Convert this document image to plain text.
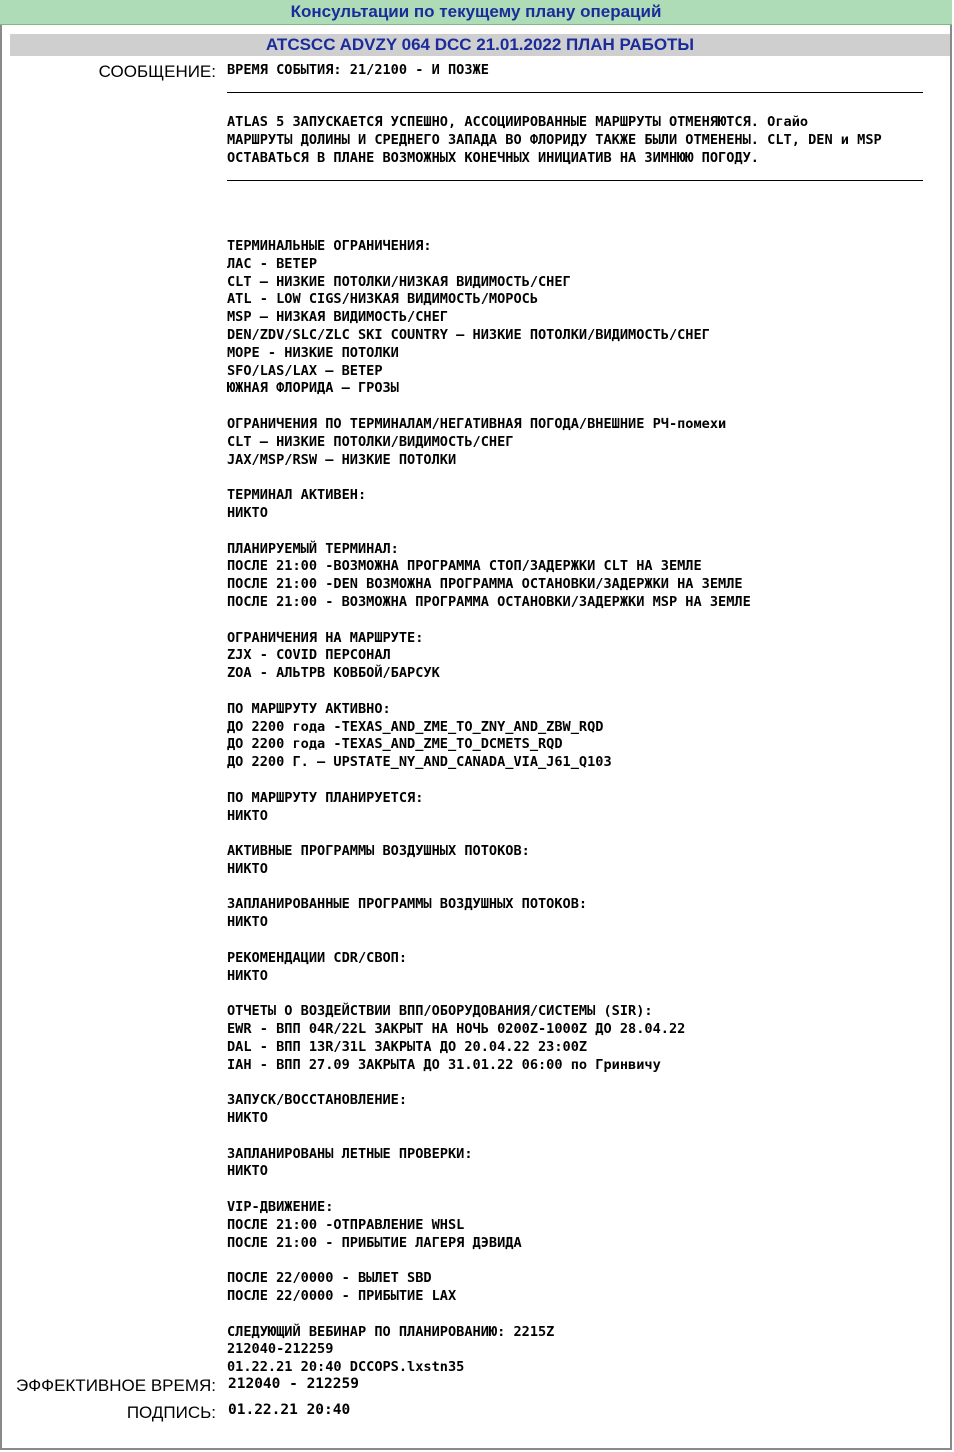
Консультации по текущему плану операций
ATCSCC ADVZY 064 DCC 21.01.2022 ПЛАН РАБОТЫ
СООБЩЕНИЕ: ВРЕМЯ СОБЫТИЯ: 21/2100 - И ПОЗЖЕ
ATLAS 5 ЗАПУСКАЕТСЯ УСПЕШНО, АССОЦИИРОВАННЫЕ МАРШРУТЫ ОТМЕНЯЮТСЯ. Огайо
МАРШРУТЫ ДОЛИНЫ И СРЕДНЕГО ЗАПАДА ВО ФЛОРИДУ ТАКЖЕ БЫЛИ ОТМЕНЕНЫ. CLT, DEN и MSP
ОСТАВАТЬСЯ В ПЛАНЕ ВОЗМОЖНЫХ КОНЕЧНЫХ ИНИЦИАТИВ НА ЗИМНЮЮ ПОГОДУ.
ТЕРМИНАЛЬНЫЕ ОГРАНИЧЕНИЯ:
ЛАС - ВЕТЕР
CLT – НИЗКИЕ ПОТОЛКИ/НИЗКАЯ ВИДИМОСТЬ/СНЕГ
ATL - LOW CIGS/НИЗКАЯ ВИДИМОСТЬ/МОРОСЬ
MSP — НИЗКАЯ ВИДИМОСТЬ/СНЕГ
DEN/ZDV/SLC/ZLC SKI COUNTRY – НИЗКИЕ ПОТОЛКИ/ВИДИМОСТЬ/СНЕГ
МОРЕ - НИЗКИЕ ПОТОЛКИ
SFO/LAS/LAX – ВЕТЕР
ЮЖНАЯ ФЛОРИДА – ГРОЗЫ
ОГРАНИЧЕНИЯ ПО ТЕРМИНАЛАМ/НЕГАТИВНАЯ ПОГОДА/ВНЕШНИЕ РЧ-помехи
CLT — НИЗКИЕ ПОТОЛКИ/ВИДИМОСТЬ/СНЕГ
JAX/MSP/RSW – НИЗКИЕ ПОТОЛКИ
ТЕРМИНАЛ АКТИВЕН:
НИКТО
ПЛАНИРУЕМЫЙ ТЕРМИНАЛ:
ПОСЛЕ 21:00 -ВОЗМОЖНА ПРОГРАММА СТОП/ЗАДЕРЖКИ CLT НА ЗЕМЛЕ
ПОСЛЕ 21:00 -DEN ВОЗМОЖНА ПРОГРАММА ОСТАНОВКИ/ЗАДЕРЖКИ НА ЗЕМЛЕ
ПОСЛЕ 21:00 - ВОЗМОЖНА ПРОГРАММА ОСТАНОВКИ/ЗАДЕРЖКИ MSP НА ЗЕМЛЕ
ОГРАНИЧЕНИЯ НА МАРШРУТЕ:
ZJX - COVID ПЕРСОНАЛ
ZOA - АЛЬТРВ КОВБОЙ/БАРСУК
ПО МАРШРУТУ АКТИВНО:
ДО 2200 года -TEXAS_AND_ZME_TO_ZNY_AND_ZBW_RQD
ДО 2200 года -TEXAS_AND_ZME_TO_DCMETS_RQD
ДО 2200 Г. – UPSTATE_NY_AND_CANADA_VIA_J61_Q103
ПО МАРШРУТУ ПЛАНИРУЕТСЯ:
НИКТО
АКТИВНЫЕ ПРОГРАММЫ ВОЗДУШНЫХ ПОТОКОВ:
НИКТО
ЗАПЛАНИРОВАННЫЕ ПРОГРАММЫ ВОЗДУШНЫХ ПОТОКОВ:
НИКТО
РЕКОМЕНДАЦИИ CDR/СВОП:
НИКТО
ОТЧЕТЫ О ВОЗДЕЙСТВИИ ВПП/ОБОРУДОВАНИЯ/СИСТЕМЫ (SIR):
EWR - ВПП 04R/22L ЗАКРЫТ НА НОЧЬ 0200Z-1000Z ДО 28.04.22
DAL - ВПП 13R/31L ЗАКРЫТА ДО 20.04.22 23:00Z
IAH - ВПП 27.09 ЗАКРЫТА ДО 31.01.22 06:00 по Гринвичу
ЗАПУСК/ВОССТАНОВЛЕНИЕ:
НИКТО
ЗАПЛАНИРОВАНЫ ЛЕТНЫЕ ПРОВЕРКИ:
НИКТО
VIP-ДВИЖЕНИЕ:
ПОСЛЕ 21:00 -ОТПРАВЛЕНИЕ WHSL
ПОСЛЕ 21:00 - ПРИБЫТИЕ ЛАГЕРЯ ДЭВИДА
ПОСЛЕ 22/0000 - ВЫЛЕТ SBD
ПОСЛЕ 22/0000 - ПРИБЫТИЕ LAX
СЛЕДУЮЩИЙ ВЕБИНАР ПО ПЛАНИРОВАНИЮ: 2215Z
212040-212259
01.22.21 20:40 DCCOPS.lxstn35
ЭФФЕКТИВНОЕ ВРЕМЯ: 212040 - 212259
ПОДПИСЬ: 01.22.21 20:40
